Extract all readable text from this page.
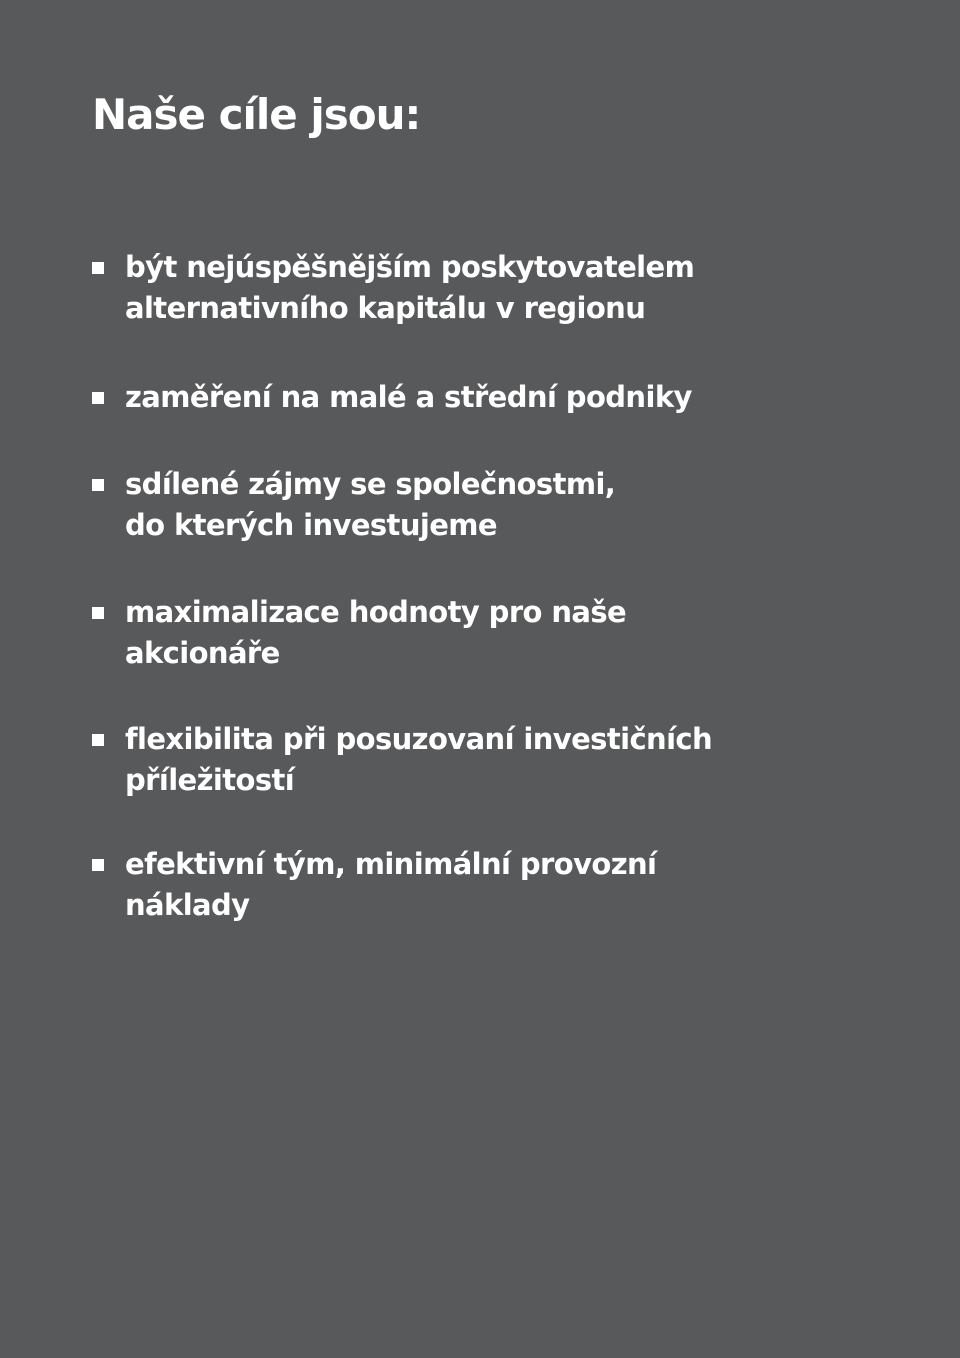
Naše cíle jsou:
být nejúspěšnějším poskytovatelem
alternativního kapitálu v regionu
zaměření na malé a střední podniky
sdílené zájmy se společnostmi,
do kterých investujeme
maximalizace hodnoty pro naše
akcionáře
flexibilita při posuzovaní investičních
příležitostí
efektivní tým, minimální provozní
náklady
